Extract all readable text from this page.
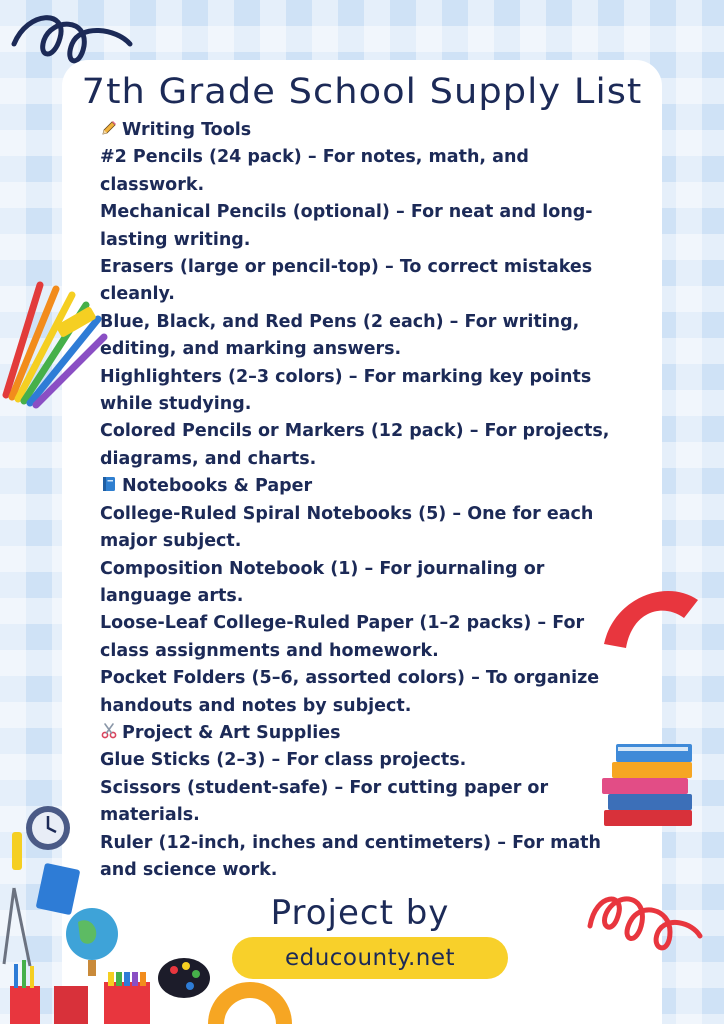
7th Grade School Supply List

Writing Tools

#2 Pencils (24 pack) – For notes, math, and classwork.

Mechanical Pencils (optional) – For neat and long-lasting writing.

Erasers (large or pencil-top) – To correct mistakes cleanly.

Blue, Black, and Red Pens (2 each) – For writing, editing, and marking answers.

Highlighters (2–3 colors) – For marking key points while studying.

Colored Pencils or Markers (12 pack) – For projects, diagrams, and charts.

Notebooks & Paper

College-Ruled Spiral Notebooks (5) – One for each major subject.

Composition Notebook (1) – For journaling or language arts.

Loose-Leaf College-Ruled Paper (1–2 packs) – For class assignments and homework.

Pocket Folders (5–6, assorted colors) – To organize handouts and notes by subject.

Project & Art Supplies

Glue Sticks (2–3) – For class projects.

Scissors (student-safe) – For cutting paper or materials.

Ruler (12-inch, inches and centimeters) – For math and science work.

Project by
educounty.net
